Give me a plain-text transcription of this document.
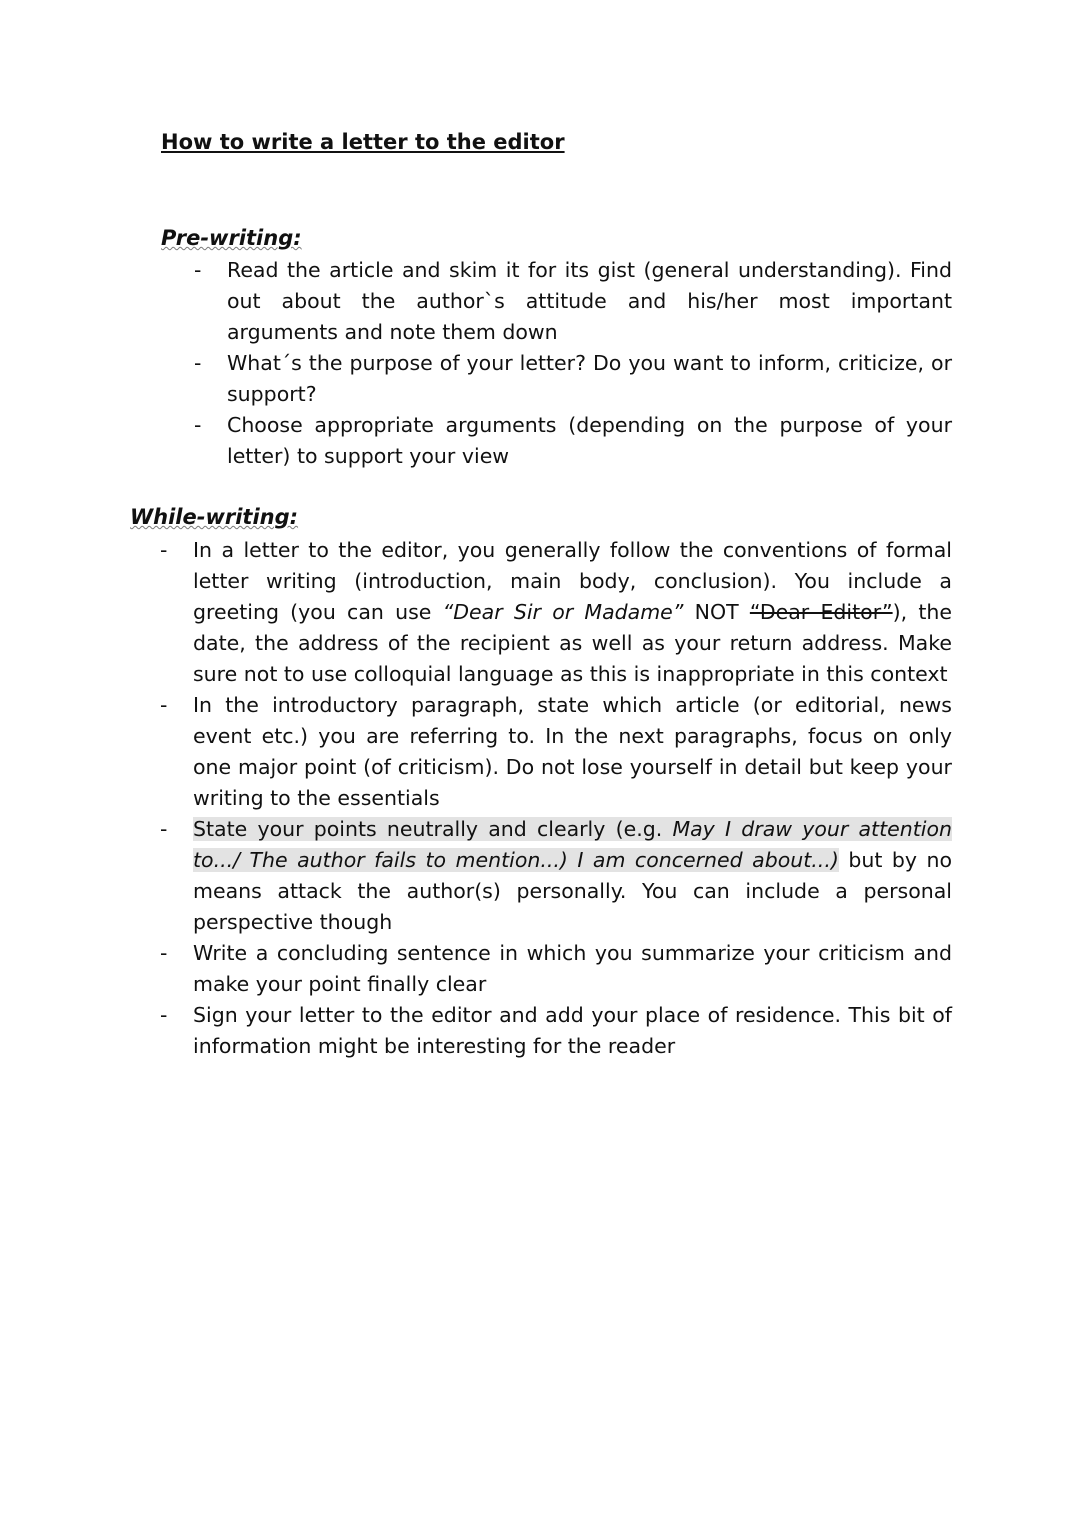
How to write a letter to the editor
Pre-writing:
- Read the article and skim it for its gist (general understanding). Find out about the author`s attitude and his/her most important arguments and note them down
- What´s the purpose of your letter? Do you want to inform, criticize, or support?
- Choose appropriate arguments (depending on the purpose of your letter) to support your view
While-writing:
- In a letter to the editor, you generally follow the conventions of formal letter writing (introduction, main body, conclusion). You include a greeting (you can use “Dear Sir or Madame” NOT “Dear Editor”), the date, the address of the recipient as well as your return address. Make sure not to use colloquial language as this is inappropriate in this context
- In the introductory paragraph, state which article (or editorial, news event etc.) you are referring to. In the next paragraphs, focus on only one major point (of criticism). Do not lose yourself in detail but keep your writing to the essentials
- State your points neutrally and clearly (e.g. May I draw your attention to.../ The author fails to mention...) I am concerned about...) but by no means attack the author(s) personally. You can include a personal perspective though
- Write a concluding sentence in which you summarize your criticism and make your point finally clear
- Sign your letter to the editor and add your place of residence. This bit of information might be interesting for the reader
